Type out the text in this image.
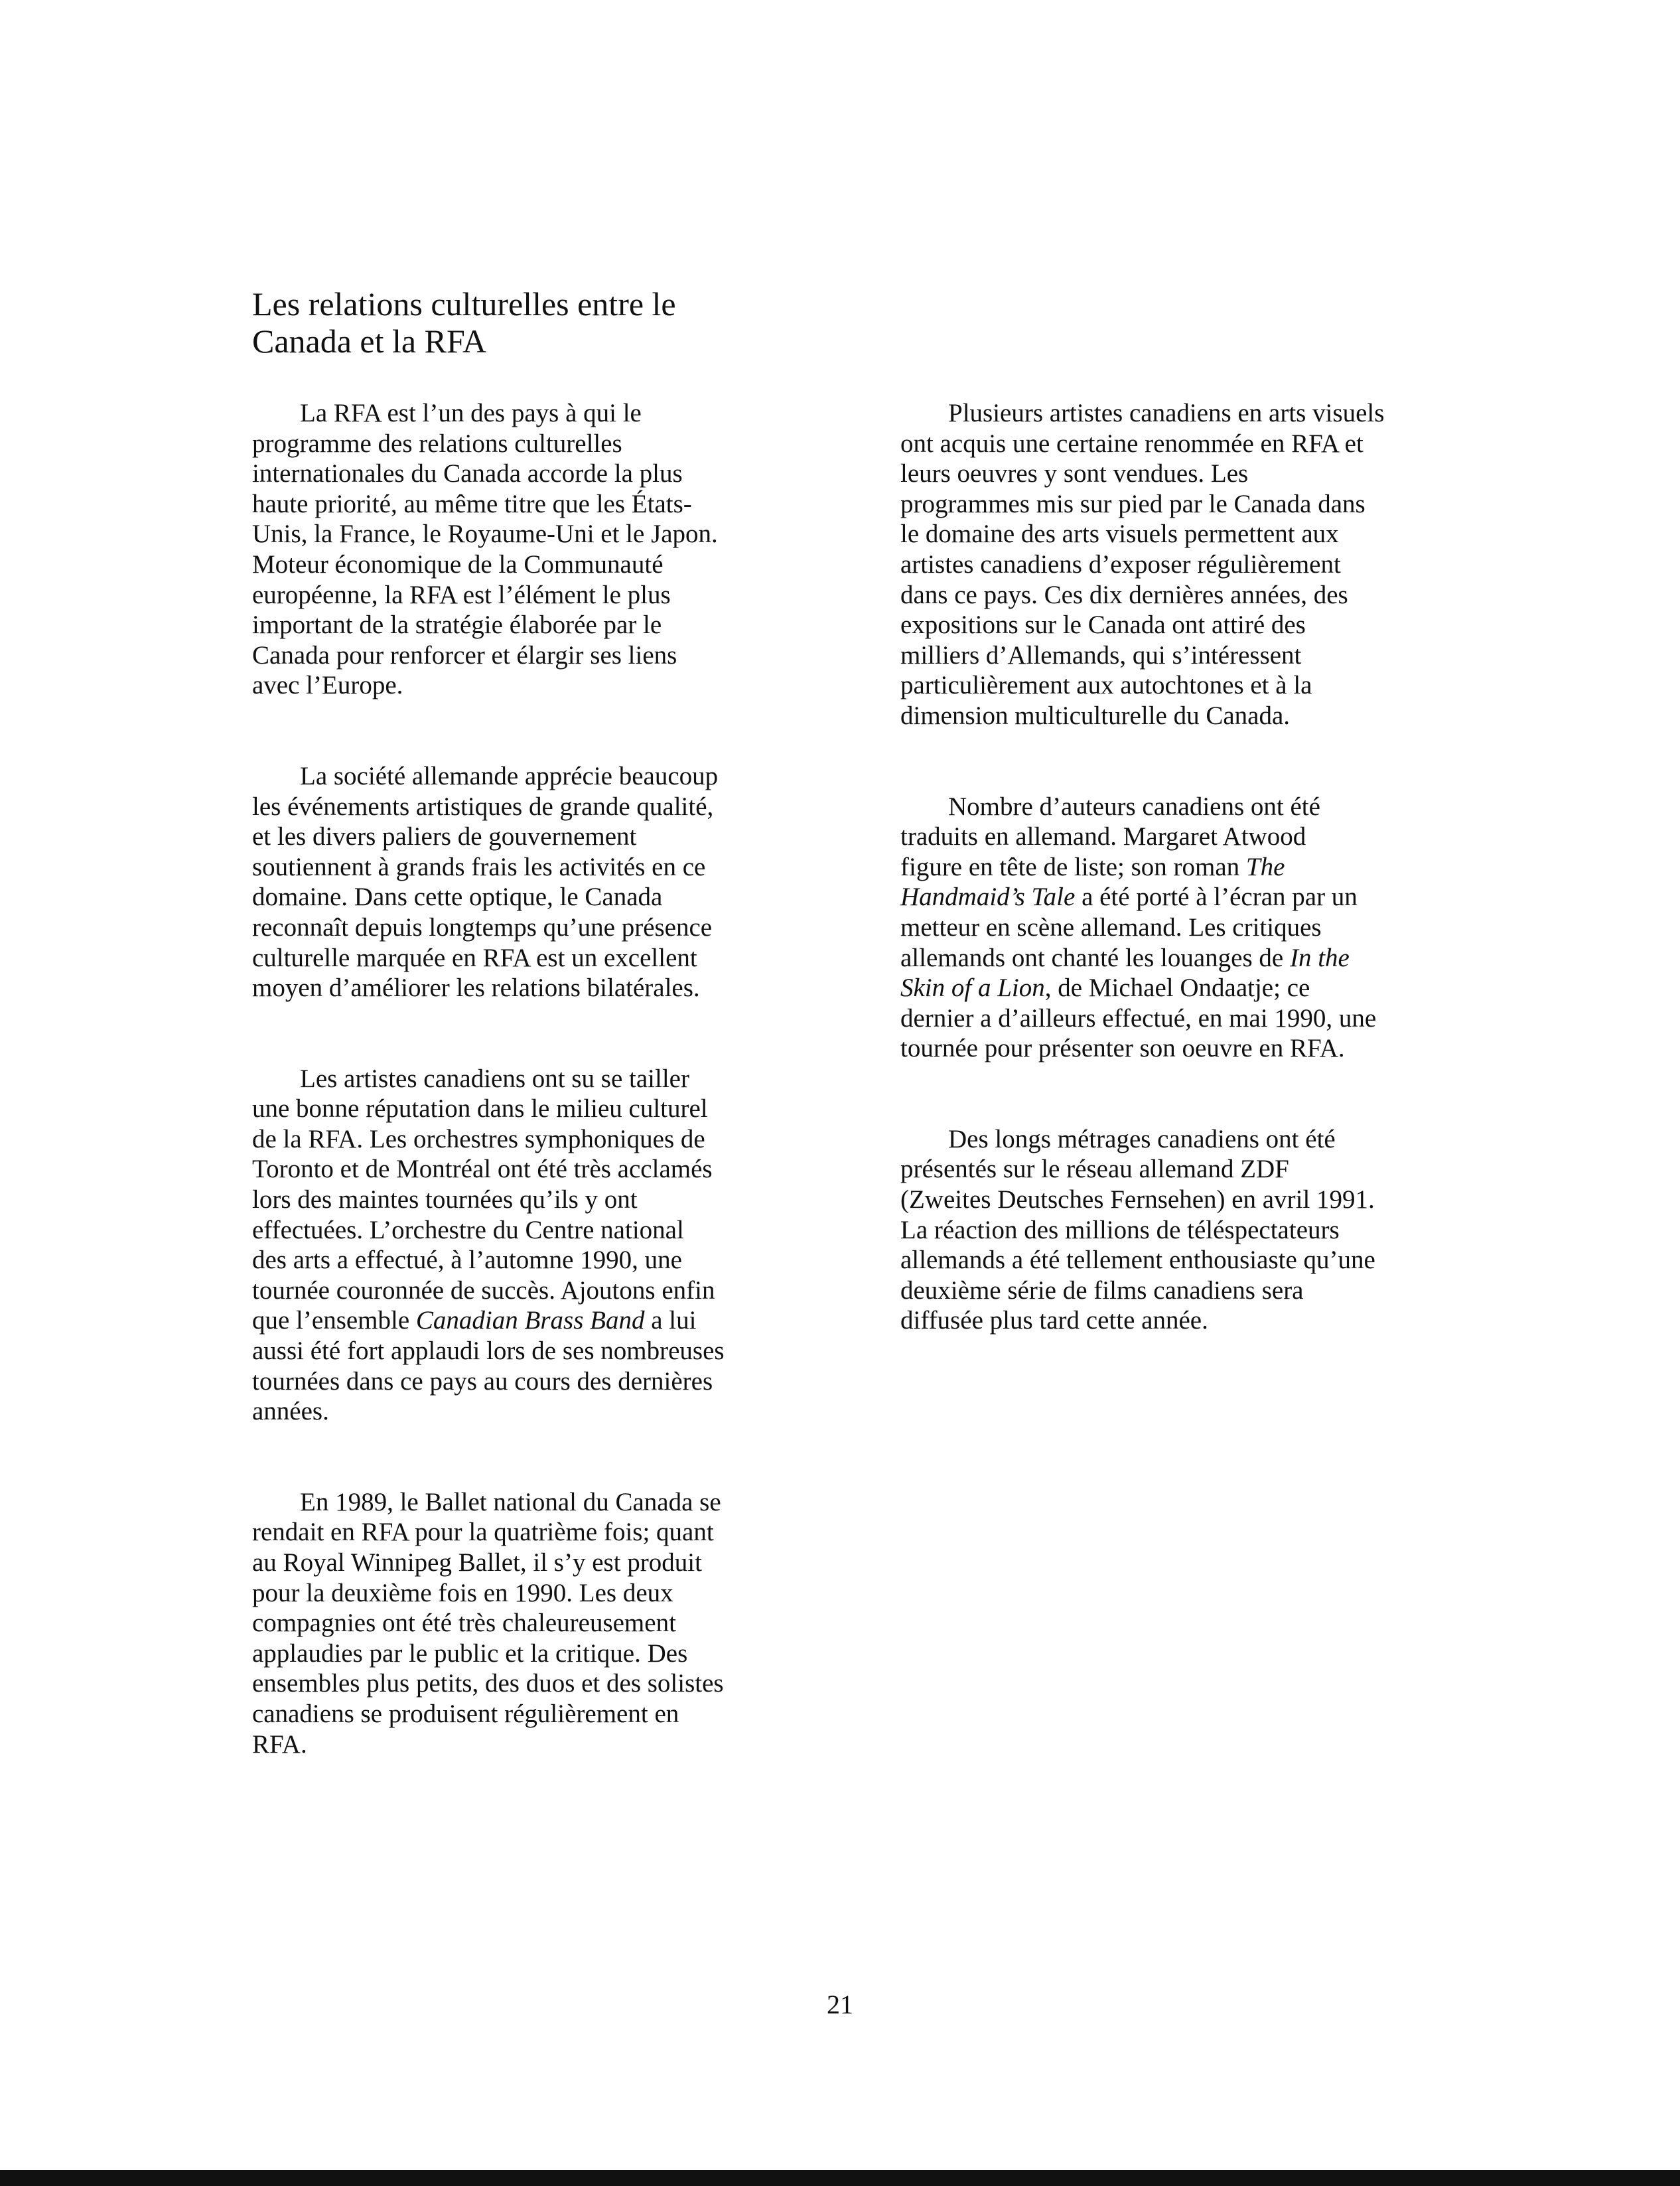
Les relations culturelles entre le
Canada et la RFA

La RFA est l’un des pays à qui le
programme des relations culturelles
internationales du Canada accorde la plus
haute priorité, au même titre que les États-
Unis, la France, le Royaume-Uni et le Japon.
Moteur économique de la Communauté
européenne, la RFA est l’élément le plus
important de la stratégie élaborée par le
Canada pour renforcer et élargir ses liens
avec l’Europe.

La société allemande apprécie beaucoup
les événements artistiques de grande qualité,
et les divers paliers de gouvernement
soutiennent à grands frais les activités en ce
domaine. Dans cette optique, le Canada
reconnaît depuis longtemps qu’une présence
culturelle marquée en RFA est un excellent
moyen d’améliorer les relations bilatérales.

Les artistes canadiens ont su se tailler
une bonne réputation dans le milieu culturel
de la RFA. Les orchestres symphoniques de
Toronto et de Montréal ont été très acclamés
lors des maintes tournées qu’ils y ont
effectuées. L’orchestre du Centre national
des arts a effectué, à l’automne 1990, une
tournée couronnée de succès. Ajoutons enfin
que l’ensemble Canadian Brass Band a lui
aussi été fort applaudi lors de ses nombreuses
tournées dans ce pays au cours des dernières
années.

En 1989, le Ballet national du Canada se
rendait en RFA pour la quatrième fois; quant
au Royal Winnipeg Ballet, il s’y est produit
pour la deuxième fois en 1990. Les deux
compagnies ont été très chaleureusement
applaudies par le public et la critique. Des
ensembles plus petits, des duos et des solistes
canadiens se produisent régulièrement en
RFA.

Plusieurs artistes canadiens en arts visuels
ont acquis une certaine renommée en RFA et
leurs oeuvres y sont vendues. Les
programmes mis sur pied par le Canada dans
le domaine des arts visuels permettent aux
artistes canadiens d’exposer régulièrement
dans ce pays. Ces dix dernières années, des
expositions sur le Canada ont attiré des
milliers d’Allemands, qui s’intéressent
particulièrement aux autochtones et à la
dimension multiculturelle du Canada.

Nombre d’auteurs canadiens ont été
traduits en allemand. Margaret Atwood
figure en tête de liste; son roman The
Handmaid’s Tale a été porté à l’écran par un
metteur en scène allemand. Les critiques
allemands ont chanté les louanges de In the
Skin of a Lion, de Michael Ondaatje; ce
dernier a d’ailleurs effectué, en mai 1990, une
tournée pour présenter son oeuvre en RFA.

Des longs métrages canadiens ont été
présentés sur le réseau allemand ZDF
(Zweites Deutsches Fernsehen) en avril 1991.
La réaction des millions de téléspectateurs
allemands a été tellement enthousiaste qu’une
deuxième série de films canadiens sera
diffusée plus tard cette année.

21
